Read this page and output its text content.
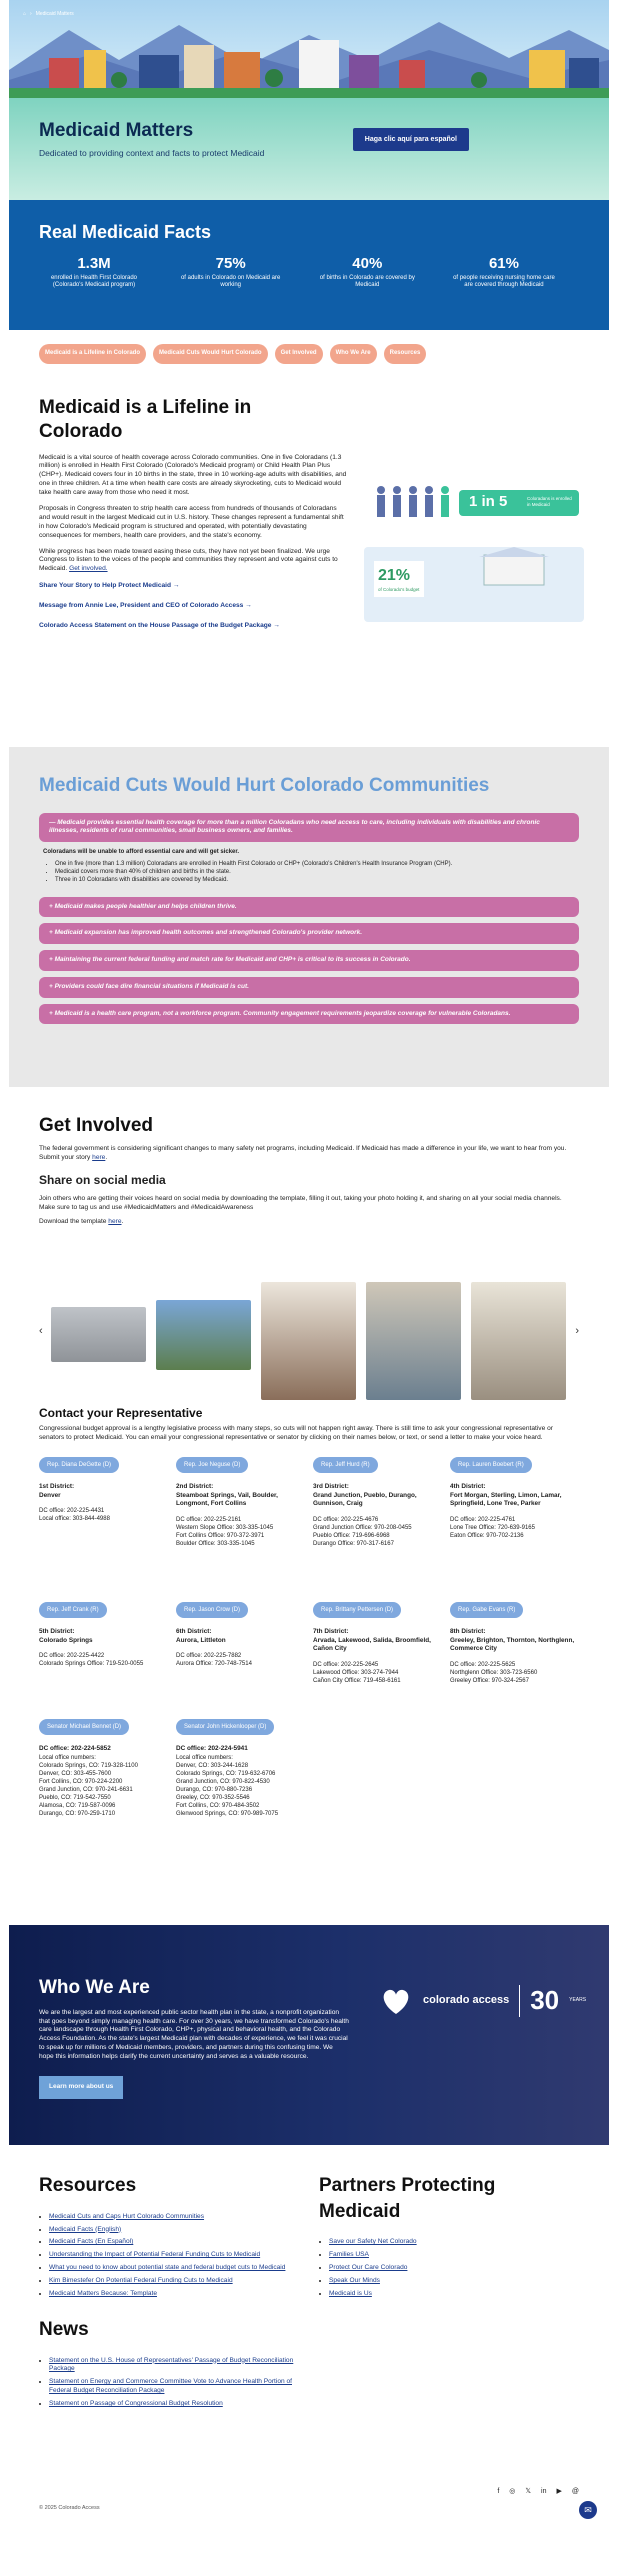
⌂ › Medicaid Matters
Medicaid Matters

Dedicated to providing context and facts to protect Medicaid

Haga clic aquí para español
Real Medicaid Facts
1.3M
enrolled in Health First Colorado (Colorado's Medicaid program)
75%
of adults in Colorado on Medicaid are working
40%
of births in Colorado are covered by Medicaid
61%
of people receiving nursing home care are covered through Medicaid
Medicaid is a Lifeline in Colorado	Medicaid Cuts Would Hurt Colorado	Get Involved	Who We Are	Resources
Medicaid is a Lifeline in Colorado

Medicaid is a vital source of health coverage across Colorado communities. One in five Coloradans (1.3 million) is enrolled in Health First Colorado (Colorado's Medicaid program) or Child Health Plan Plus (CHP+). Medicaid covers four in 10 births in the state, three in 10 working-age adults with disabilities, and one in three children. At a time when health care costs are already skyrocketing, cuts to Medicaid would take health care away from those who need it most.

Proposals in Congress threaten to strip health care access from hundreds of thousands of Coloradans and would result in the largest Medicaid cut in U.S. history. These changes represent a fundamental shift in how Colorado's Medicaid program is structured and operated, with potentially devastating consequences for members, health care providers, and the state's economy.

While progress has been made toward easing these cuts, they have not yet been finalized. We urge Congress to listen to the voices of the people and communities they represent and vote against cuts to Medicaid. Get involved.

Share Your Story to Help Protect Medicaid →
Message from Annie Lee, President and CEO of Colorado Access →
Colorado Access Statement on the House Passage of the Budget Package →
1 in 5	Coloradans is enrolled in Medicaid
21%
of Colorado's budget
Medicaid Cuts Would Hurt Colorado Communities
— Medicaid provides essential health coverage for more than a million Coloradans who need access to care, including individuals with disabilities and chronic illnesses, residents of rural communities, small business owners, and families.
Coloradans will be unable to afford essential care and will get sicker.
• One in five (more than 1.3 million) Coloradans are enrolled in Health First Colorado or CHP+ (Colorado's Children's Health Insurance Program (CHP).
• Medicaid covers more than 40% of children and births in the state.
• Three in 10 Coloradans with disabilities are covered by Medicaid.
+ Medicaid makes people healthier and helps children thrive.
+ Medicaid expansion has improved health outcomes and strengthened Colorado's provider network.
+ Maintaining the current federal funding and match rate for Medicaid and CHP+ is critical to its success in Colorado.
+ Providers could face dire financial situations if Medicaid is cut.
+ Medicaid is a health care program, not a workforce program. Community engagement requirements jeopardize coverage for vulnerable Coloradans.
Get Involved

The federal government is considering significant changes to many safety net programs, including Medicaid. If Medicaid has made a difference in your life, we want to hear from you. Submit your story here.

Share on social media

Join others who are getting their voices heard on social media by downloading the template, filling it out, taking your photo holding it, and sharing on all your social media channels. Make sure to tag us and use #MedicaidMatters and #MedicaidAwareness

Download the template here.

‹	›
Contact your Representative

Congressional budget approval is a lengthy legislative process with many steps, so cuts will not happen right away. There is still time to ask your congressional representative or senators to protect Medicaid. You can email your congressional representative or senator by clicking on their names below, or text, or send a letter to make your voice heard.

Rep. Diana DeGette (D)
1st District:
Denver
DC office: 202-225-4431
Local office: 303-844-4988
Rep. Joe Neguse (D)
2nd District:
Steamboat Springs, Vail, Boulder, Longmont, Fort Collins
DC office: 202-225-2161
Western Slope Office: 303-335-1045
Fort Collins Office: 970-372-3971
Boulder Office: 303-335-1045
Rep. Jeff Hurd (R)
3rd District:
Grand Junction, Pueblo, Durango, Gunnison, Craig
DC office: 202-225-4676
Grand Junction Office: 970-208-0455
Pueblo Office: 719-696-6968
Durango Office: 970-317-6167
Rep. Lauren Boebert (R)
4th District:
Fort Morgan, Sterling, Limon, Lamar, Springfield, Lone Tree, Parker
DC office: 202-225-4761
Lone Tree Office: 720-639-9165
Eaton Office: 970-702-2136
Rep. Jeff Crank (R)
5th District:
Colorado Springs
DC office: 202-225-4422
Colorado Springs Office: 719-520-0055
Rep. Jason Crow (D)
6th District:
Aurora, Littleton
DC office: 202-225-7882
Aurora Office: 720-748-7514
Rep. Brittany Pettersen (D)
7th District:
Arvada, Lakewood, Salida, Broomfield, Cañon City
DC office: 202-225-2645
Lakewood Office: 303-274-7944
Cañon City Office: 719-458-6161
Rep. Gabe Evans (R)
8th District:
Greeley, Brighton, Thornton, Northglenn, Commerce City
DC office: 202-225-5625
Northglenn Office: 303-723-6560
Greeley Office: 970-324-2567
Senator Michael Bennet (D)
DC office: 202-224-5852
Local office numbers:
Colorado Springs, CO: 719-328-1100
Denver, CO: 303-455-7600
Fort Collins, CO: 970-224-2200
Grand Junction, CO: 970-241-6631
Pueblo, CO: 719-542-7550
Alamosa, CO: 719-587-0096
Durango, CO: 970-259-1710
Senator John Hickenlooper (D)
DC office: 202-224-5941
Local office numbers:
Denver, CO: 303-244-1628
Colorado Springs, CO: 719-632-6706
Grand Junction, CO: 970-822-4530
Durango, CO: 970-880-7236
Greeley, CO: 970-352-5546
Fort Collins, CO: 970-484-3502
Glenwood Springs, CO: 970-989-7075
Who We Are

We are the largest and most experienced public sector health plan in the state, a nonprofit organization that goes beyond simply managing health care. For over 30 years, we have transformed Colorado's health care landscape through Health First Colorado, CHP+, physical and behavioral health, and the Colorado Access Foundation. As the state's largest Medicaid plan with decades of experience, we feel it was crucial to speak up for millions of Medicaid members, providers, and partners during this confusing time. We hope this information helps clarify the current uncertainty and serves as a valuable resource.

Learn more about us
colorado access 30 YEARS
Resources
• Medicaid Cuts and Caps Hurt Colorado Communities
• Medicaid Facts (English)
• Medicaid Facts (En Español)
• Understanding the Impact of Potential Federal Funding Cuts to Medicaid
• What you need to know about potential state and federal budget cuts to Medicaid
• Kim Bimestefer On Potential Federal Funding Cuts to Medicaid
• Medicaid Matters Because: Template
News
• Statement on the U.S. House of Representatives' Passage of Budget Reconciliation Package
• Statement on Energy and Commerce Committee Vote to Advance Health Portion of Federal Budget Reconciliation Package
• Statement on Passage of Congressional Budget Resolution
Partners Protecting Medicaid
• Save our Safety Net Colorado
• Families USA
• Protect Our Care Colorado
• Speak Our Minds
• Medicaid is Us
© 2025 Colorado Access
f ◎ 𝕏 in ▶ @
✉
